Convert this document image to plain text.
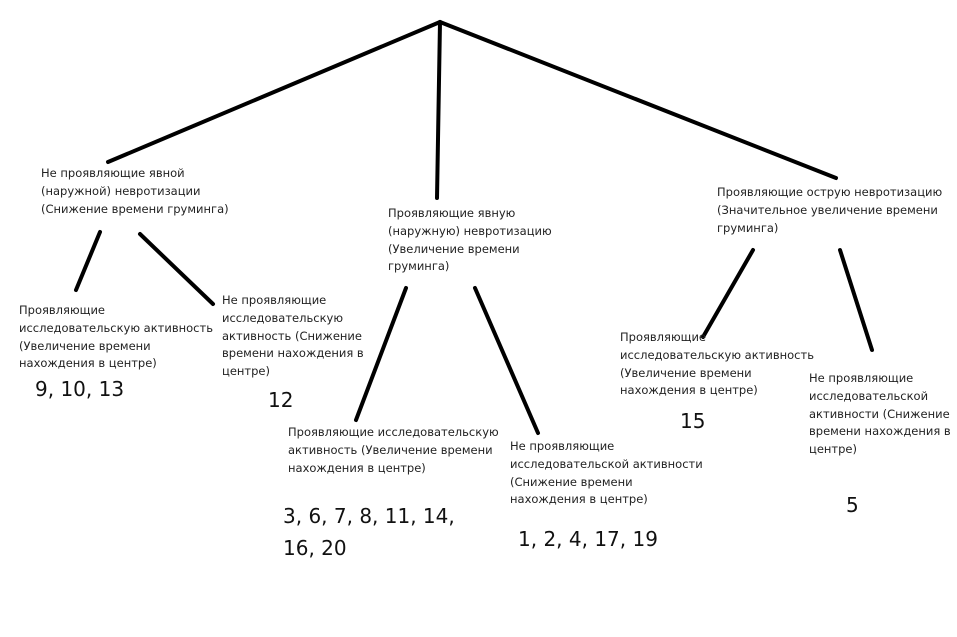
Не проявляющие явной
(наружной) невротизации
(Снижение времени груминга)
Проявляющие
исследовательскую активность
(Увеличение времени
нахождения в центре)
9, 10, 13
Не проявляющие
исследовательскую
активность (Снижение
времени нахождения в
центре)
12
Проявляющие явную
(наружную) невротизацию
(Увеличение времени
груминга)
Проявляющие исследовательскую
активность (Увеличение времени
нахождения в центре)
3, 6, 7, 8, 11, 14,
16, 20
Не проявляющие
исследовательской активности
(Снижение времени
нахождения в центре)
1, 2, 4, 17, 19
Проявляющие острую невротизацию
(Значительное увеличение времени
груминга)
Проявляющие
исследовательскую активность
(Увеличение времени
нахождения в центре)
15
Не проявляющие
исследовательской
активности (Снижение
времени нахождения в
центре)
5
